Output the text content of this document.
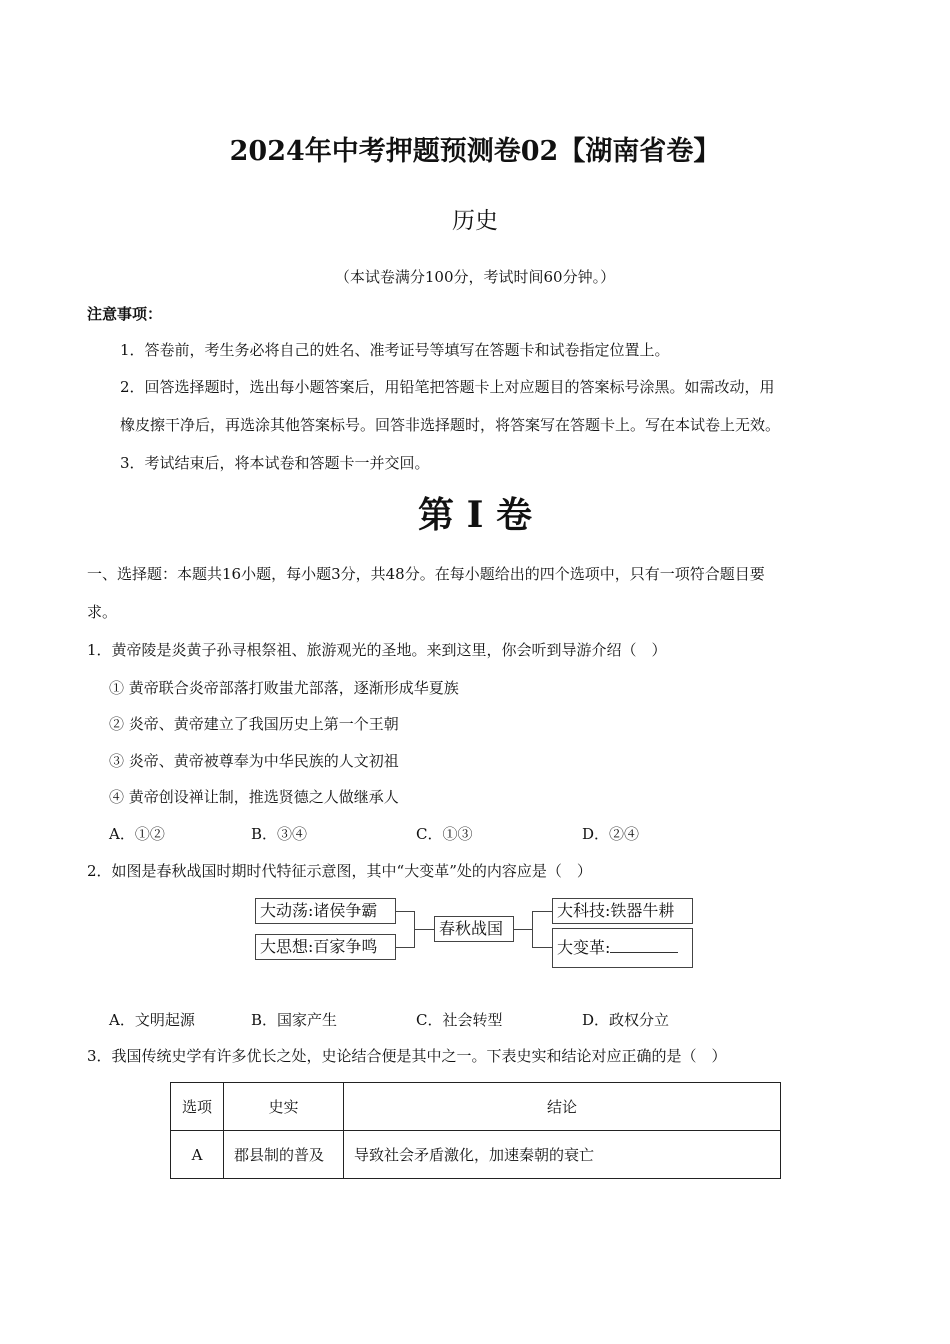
2024年中考押题预测卷02【湖南省卷】
历史
（本试卷满分100分，考试时间60分钟。）
注意事项：
1．答卷前，考生务必将自己的姓名、准考证号等填写在答题卡和试卷指定位置上。
2．回答选择题时，选出每小题答案后，用铅笔把答题卡上对应题目的答案标号涂黑。如需改动，用
橡皮擦干净后，再选涂其他答案标号。回答非选择题时，将答案写在答题卡上。写在本试卷上无效。
3．考试结束后，将本试卷和答题卡一并交回。
第 I 卷
一、选择题：本题共16小题，每小题3分，共48分。在每小题给出的四个选项中，只有一项符合题目要
求。
1．黄帝陵是炎黄子孙寻根祭祖、旅游观光的圣地。来到这里，你会听到导游介绍（　）
① 黄帝联合炎帝部落打败蚩尤部落，逐渐形成华夏族
② 炎帝、黄帝建立了我国历史上第一个王朝
③ 炎帝、黄帝被尊奉为中华民族的人文初祖
④ 黄帝创设禅让制，推选贤德之人做继承人
A．①②	B．③④	C．①③	D．②④
2．如图是春秋战国时期时代特征示意图，其中“大变革”处的内容应是（　）
大动荡:诸侯争霸
大思想:百家争鸣
春秋战国
大科技:铁器牛耕
大变革:
A．文明起源	B．国家产生	C．社会转型	D．政权分立
3．我国传统史学有许多优长之处，史论结合便是其中之一。下表史实和结论对应正确的是（　）
选项	史实	结论
A	郡县制的普及	导致社会矛盾激化，加速秦朝的衰亡
